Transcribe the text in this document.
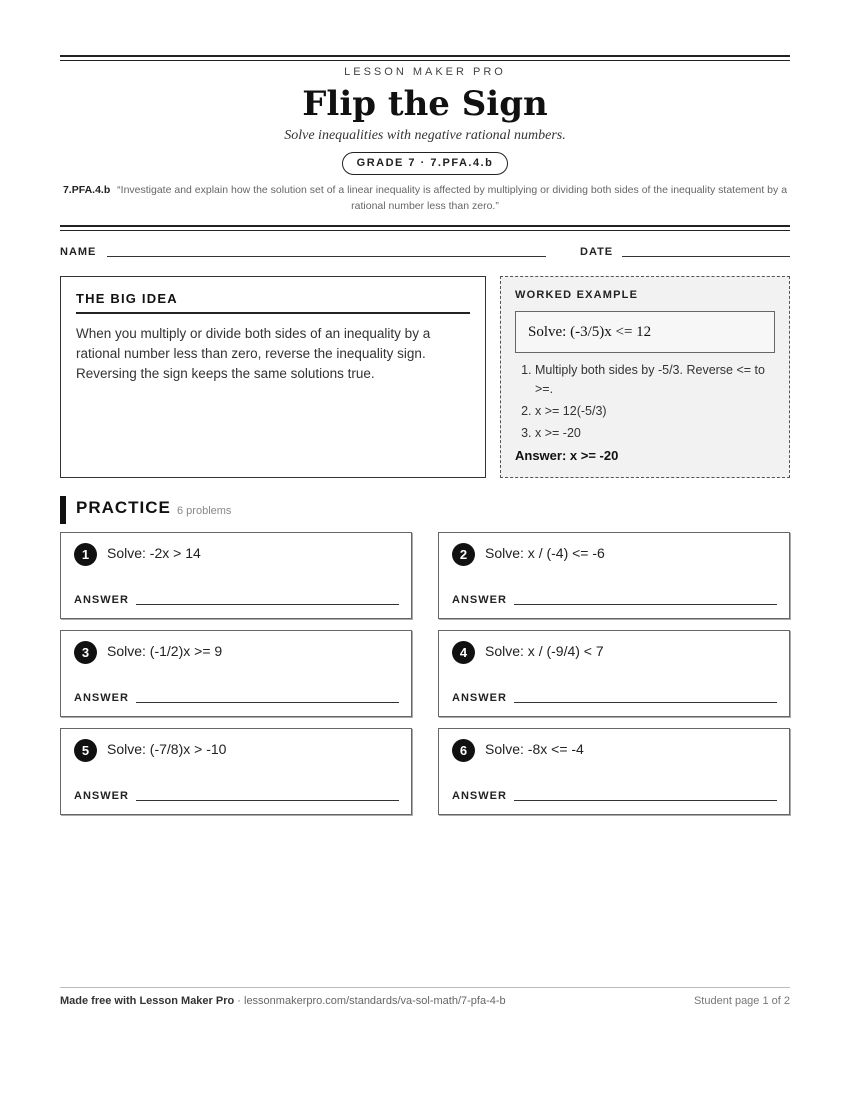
LESSON MAKER PRO
Flip the Sign
Solve inequalities with negative rational numbers.
GRADE 7 · 7.PFA.4.b
7.PFA.4.b “Investigate and explain how the solution set of a linear inequality is affected by multiplying or dividing both sides of the inequality statement by a rational number less than zero.”
NAME	DATE
THE BIG IDEA

When you multiply or divide both sides of an inequality by a rational number less than zero, reverse the inequality sign. Reversing the sign keeps the same solutions true.

WORKED EXAMPLE
Solve: (-3/5)x <= 12
1. Multiply both sides by -5/3. Reverse <= to >=.
2. x >= 12(-5/3)
3. x >= -20
Answer: x >= -20
PRACTICE 6 problems
1	Solve: -2x > 14
ANSWER
2	Solve: x / (-4) <= -6
ANSWER
3	Solve: (-1/2)x >= 9
ANSWER
4	Solve: x / (-9/4) < 7
ANSWER
5	Solve: (-7/8)x > -10
ANSWER
6	Solve: -8x <= -4
ANSWER
Made free with Lesson Maker Pro · lessonmakerpro.com/standards/va-sol-math/7-pfa-4-b	Student page 1 of 2
